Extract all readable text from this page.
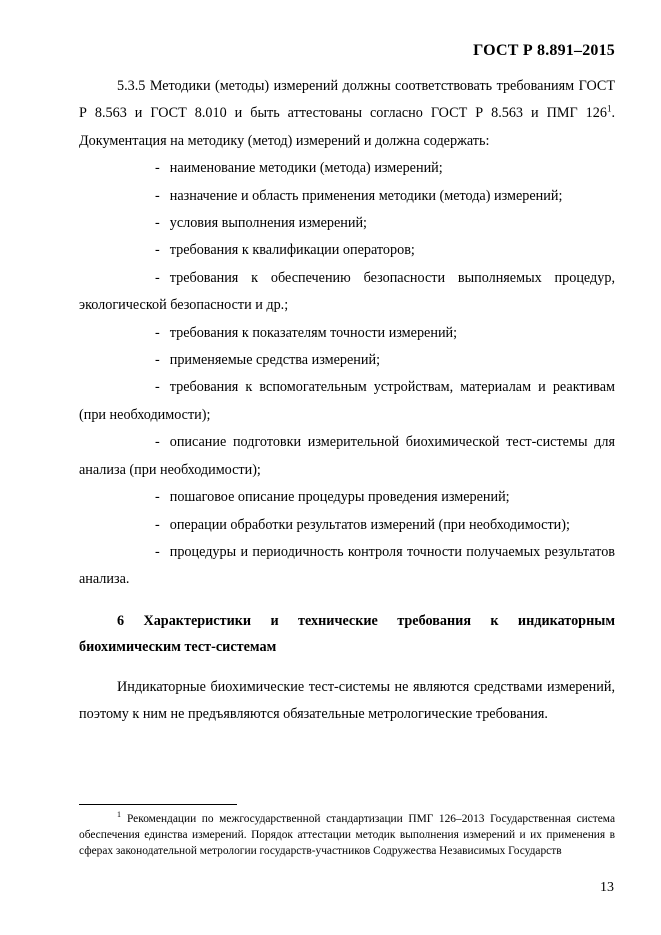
ГОСТ Р 8.891–2015

5.3.5 Методики (методы) измерений должны соответствовать требованиям ГОСТ Р 8.563 и ГОСТ 8.010 и быть аттестованы согласно ГОСТ Р 8.563 и ПМГ $126^1$. Документация на методику (метод) измерений и должна содержать:

- наименование методики (метода) измерений;

- назначение и область применения методики (метода) измерений;

- условия выполнения измерений;

- требования к квалификации операторов;

- требования к обеспечению безопасности выполняемых процедур, экологической безопасности и др.;

- требования к показателям точности измерений;

- применяемые средства измерений;

- требования к вспомогательным устройствам, материалам и реактивам (при необходимости);

- описание подготовки измерительной биохимической тест-системы для анализа (при необходимости);

- пошаговое описание процедуры проведения измерений;

- операции обработки результатов измерений (при необходимости);

- процедуры и периодичность контроля точности получаемых результатов анализа.

6 Характеристики и технические требования к индикаторным биохимическим тест-системам

Индикаторные биохимические тест-системы не являются средствами измерений, поэтому к ним не предъявляются обязательные метрологические требования.

$^1$ Рекомендации по межгосударственной стандартизации ПМГ 126–2013 Государственная система обеспечения единства измерений. Порядок аттестации методик выполнения измерений и их применения в сферах законодательной метрологии государств-участников Содружества Независимых Государств

13
